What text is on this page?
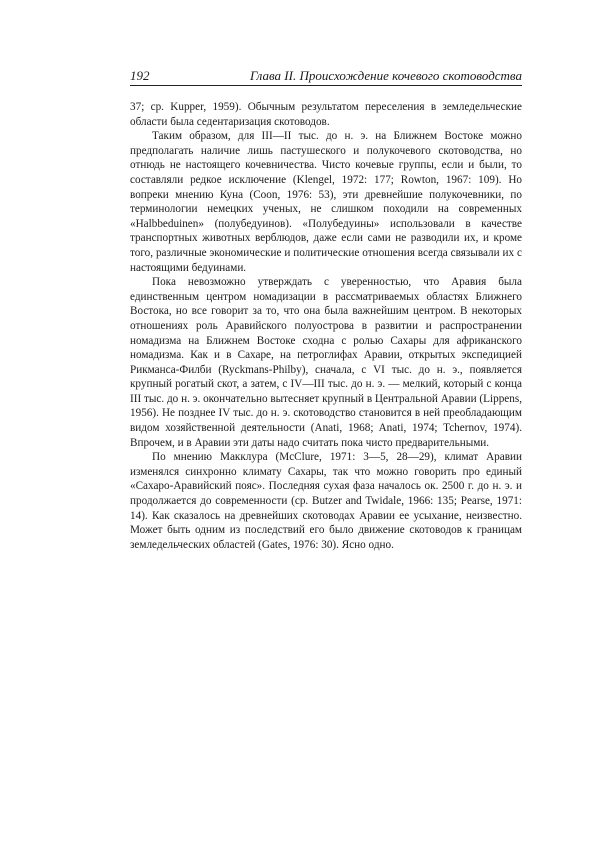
192	Глава II. Происхождение кочевого скотоводства

37; ср. Kupper, 1959). Обычным результатом переселения в земледельческие области была седентаризация скотоводов.

Таким образом, для III—II тыс. до н. э. на Ближнем Востоке можно предполагать наличие лишь пастушеского и полукочевого скотоводства, но отнюдь не настоящего кочевничества. Чисто кочевые группы, если и были, то составляли редкое исключение (Klengel, 1972: 177; Rowton, 1967: 109). Но вопреки мнению Куна (Coon, 1976: 53), эти древнейшие полукочевники, по терминологии немецких ученых, не слишком походили на современных «Halbbeduinen» (полубедуинов). «Полубедуины» использовали в качестве транспортных животных верблюдов, даже если сами не разводили их, и кроме того, различные экономические и политические отношения всегда связывали их с настоящими бедуинами.

Пока невозможно утверждать с уверенностью, что Аравия была единственным центром номадизации в рассматриваемых областях Ближнего Востока, но все говорит за то, что она была важнейшим центром. В некоторых отношениях роль Аравийского полуострова в развитии и распространении номадизма на Ближнем Востоке сходна с ролью Сахары для африканского номадизма. Как и в Сахаре, на петроглифах Аравии, открытых экспедицией Рикманса-Филби (Ryckmans-Philby), сначала, с VI тыс. до н. э., появляется крупный рогатый скот, а затем, с IV—III тыс. до н. э. — мелкий, который с конца III тыс. до н. э. окончательно вытесняет крупный в Центральной Аравии (Lippens, 1956). Не позднее IV тыс. до н. э. скотоводство становится в ней преобладающим видом хозяйственной деятельности (Anati, 1968; Anati, 1974; Tchernov, 1974). Впрочем, и в Аравии эти даты надо считать пока чисто предварительными.

По мнению Макклура (McClure, 1971: 3—5, 28—29), климат Аравии изменялся синхронно климату Сахары, так что можно говорить про единый «Сахаро-Аравийский пояс». Последняя сухая фаза началось ок. 2500 г. до н. э. и продолжается до современности (ср. Butzer and Twidale, 1966: 135; Pearse, 1971: 14). Как сказалось на древнейших скотоводах Аравии ее усыхание, неизвестно. Может быть одним из последствий его было движение скотоводов к границам земледельческих областей (Gates, 1976: 30). Ясно одно.
